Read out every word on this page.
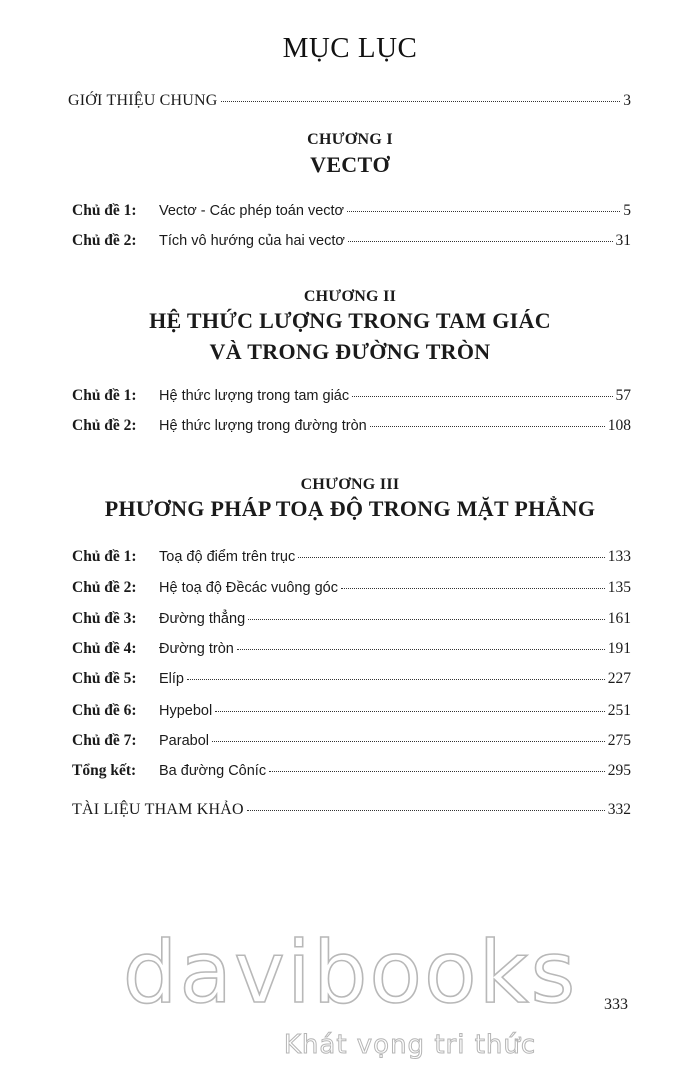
MỤC LỤC
GIỚI THIỆU CHUNG	3
CHƯƠNG I
VECTƠ
Chủ đề 1:	Vectơ - Các phép toán vectơ	5
Chủ đề 2:	Tích vô hướng của hai vectơ	31
CHƯƠNG II
HỆ THỨC LƯỢNG TRONG TAM GIÁC
VÀ TRONG ĐƯỜNG TRÒN
Chủ đề 1:	Hệ thức lượng trong tam giác	57
Chủ đề 2:	Hệ thức lượng trong đường tròn	108
CHƯƠNG III
PHƯƠNG PHÁP TOẠ ĐỘ TRONG MẶT PHẲNG
Chủ đề 1:	Toạ độ điểm trên trục	133
Chủ đề 2:	Hệ toạ độ Đềcác vuông góc	135
Chủ đề 3:	Đường thẳng	161
Chủ đề 4:	Đường tròn	191
Chủ đề 5:	Elíp	227
Chủ đề 6:	Hypebol	251
Chủ đề 7:	Parabol	275
Tổng kết:	Ba đường Côníc	295
TÀI LIỆU THAM KHẢO	332
davibooks
Khát vọng tri thức
333
